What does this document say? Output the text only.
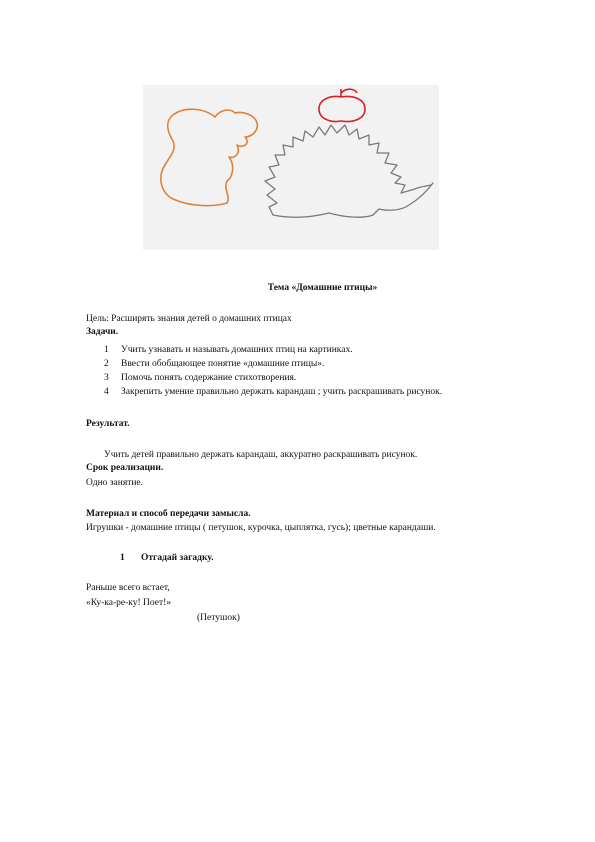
Тема «Домашние птицы»
Цель: Расширять знания детей о домашних птицах
Задачи.
1 Учить узнавать и называть домашних птиц на картинках.
2 Ввести обобщающее понятие «домашние птицы».
3 Помочь понять содержание стихотворения.
4 Закрепить умение правильно держать карандаш ; учить раскрашивать рисунок.
Результат.
Учить детей правильно держать карандаш, аккуратно раскрашивать рисунок.
Срок реализации.
Одно занятие.
Материал и способ передачи замысла.
Игрушки - домашние птицы ( петушок, курочка, цыплятка, гусь); цветные карандаши.
1 Отгадай загадку.
Раньше всего встает,
«Ку-ка-ре-ку! Поет!»
(Петушок)
